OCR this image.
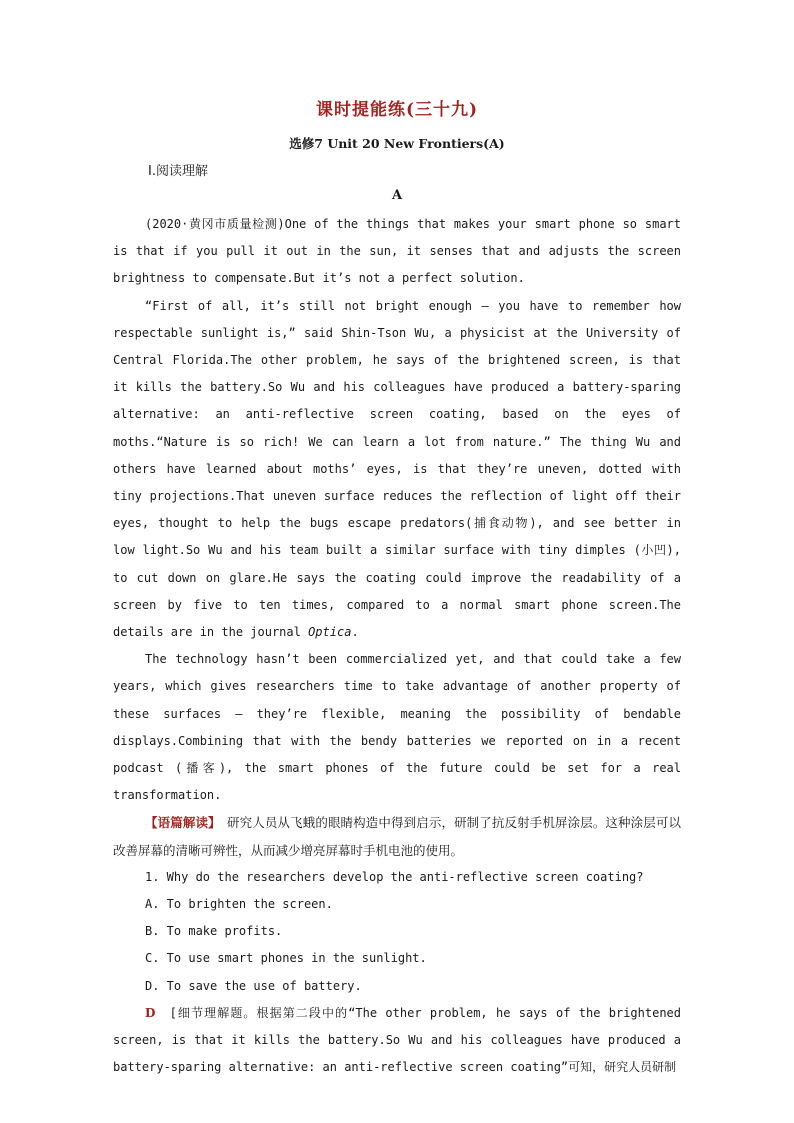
课时提能练(三十九)
选修7 Unit 20 New Frontiers(A)
Ⅰ.阅读理解
A

(2020·黄冈市质量检测)One of the things that makes your smart phone so smart is that if you pull it out in the sun, it senses that and adjusts the screen brightness to compensate.But it’s not a perfect solution.

“First of all, it’s still not bright enough — you have to remember how respectable sunlight is,” said Shin-Tson Wu, a physicist at the University of Central Florida.The other problem, he says of the brightened screen, is that it kills the battery.So Wu and his colleagues have produced a battery-sparing alternative: an anti-reflective screen coating, based on the eyes of moths.“Nature is so rich! We can learn a lot from nature.” The thing Wu and others have learned about moths’ eyes, is that they’re uneven, dotted with tiny projections.That uneven surface reduces the reflection of light off their eyes, thought to help the bugs escape predators(捕食动物), and see better in low light.So Wu and his team built a similar surface with tiny dimples (小凹), to cut down on glare.He says the coating could improve the readability of a screen by five to ten times, compared to a normal smart phone screen.The details are in the journal Optica.

The technology hasn’t been commercialized yet, and that could take a few years, which gives researchers time to take advantage of another property of these surfaces — they’re flexible, meaning the possibility of bendable displays.Combining that with the bendy batteries we reported on in a recent podcast (播客), the smart phones of the future could be set for a real transformation.

【语篇解读】　研究人员从飞蛾的眼睛构造中得到启示，研制了抗反射手机屏涂层。这种涂层可以改善屏幕的清晰可辨性，从而减少增亮屏幕时手机电池的使用。

1. Why do the researchers develop the anti-reflective screen coating?

A. To brighten the screen.

B. To make profits.

C. To use smart phones in the sunlight.

D. To save the use of battery.

D　[细节理解题。根据第二段中的“The other problem, he says of the brightened screen, is that it kills the battery.So Wu and his colleagues have produced a battery-sparing alternative: an anti-reflective screen coating”可知，研究人员研制
